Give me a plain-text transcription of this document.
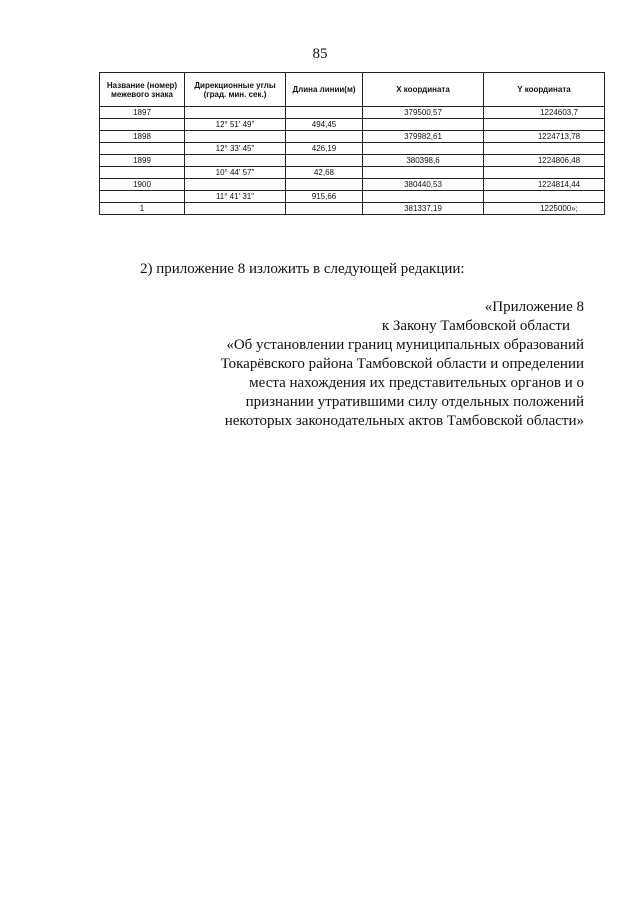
85
Название (номер) межевого знака	Дирекционные углы (град. мин. сек.)	Длина линии(м)	X координата	Y координата
1897			379500,57	1224603,7
	12° 51' 49"	494,45		
1898			379982,61	1224713,78
	12° 33' 45"	426,19		
1899			380398,6	1224806,48
	10° 44' 57"	42,68		
1900			380440,53	1224814,44
	11° 41' 31"	915,66		
1			381337,19	1225000»;
2) приложение 8 изложить в следующей редакции:
«Приложение 8
к Закону Тамбовской области
«Об установлении границ муниципальных образований
Токарёвского района Тамбовской области и определении
места нахождения их представительных органов и о
признании утратившими силу отдельных положений
некоторых законодательных актов Тамбовской области»
